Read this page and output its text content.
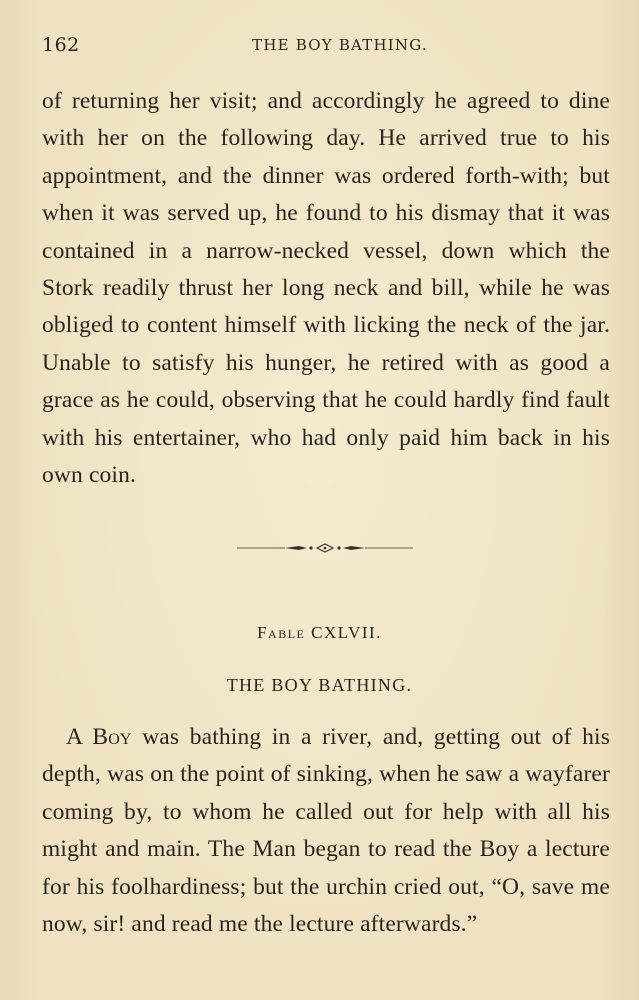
162	THE BOY BATHING.

of returning her visit; and accordingly he agreed to dine with her on the following day. He arrived true to his appointment, and the dinner was ordered forth-with; but when it was served up, he found to his dismay that it was contained in a narrow-necked vessel, down which the Stork readily thrust her long neck and bill, while he was obliged to content himself with licking the neck of the jar. Unable to satisfy his hunger, he retired with as good a grace as he could, observing that he could hardly find fault with his entertainer, who had only paid him back in his own coin.

Fable CXLVII.
THE BOY BATHING.

A Boy was bathing in a river, and, getting out of his depth, was on the point of sinking, when he saw a wayfarer coming by, to whom he called out for help with all his might and main. The Man began to read the Boy a lecture for his foolhardiness; but the urchin cried out, “O, save me now, sir! and read me the lecture afterwards.”
